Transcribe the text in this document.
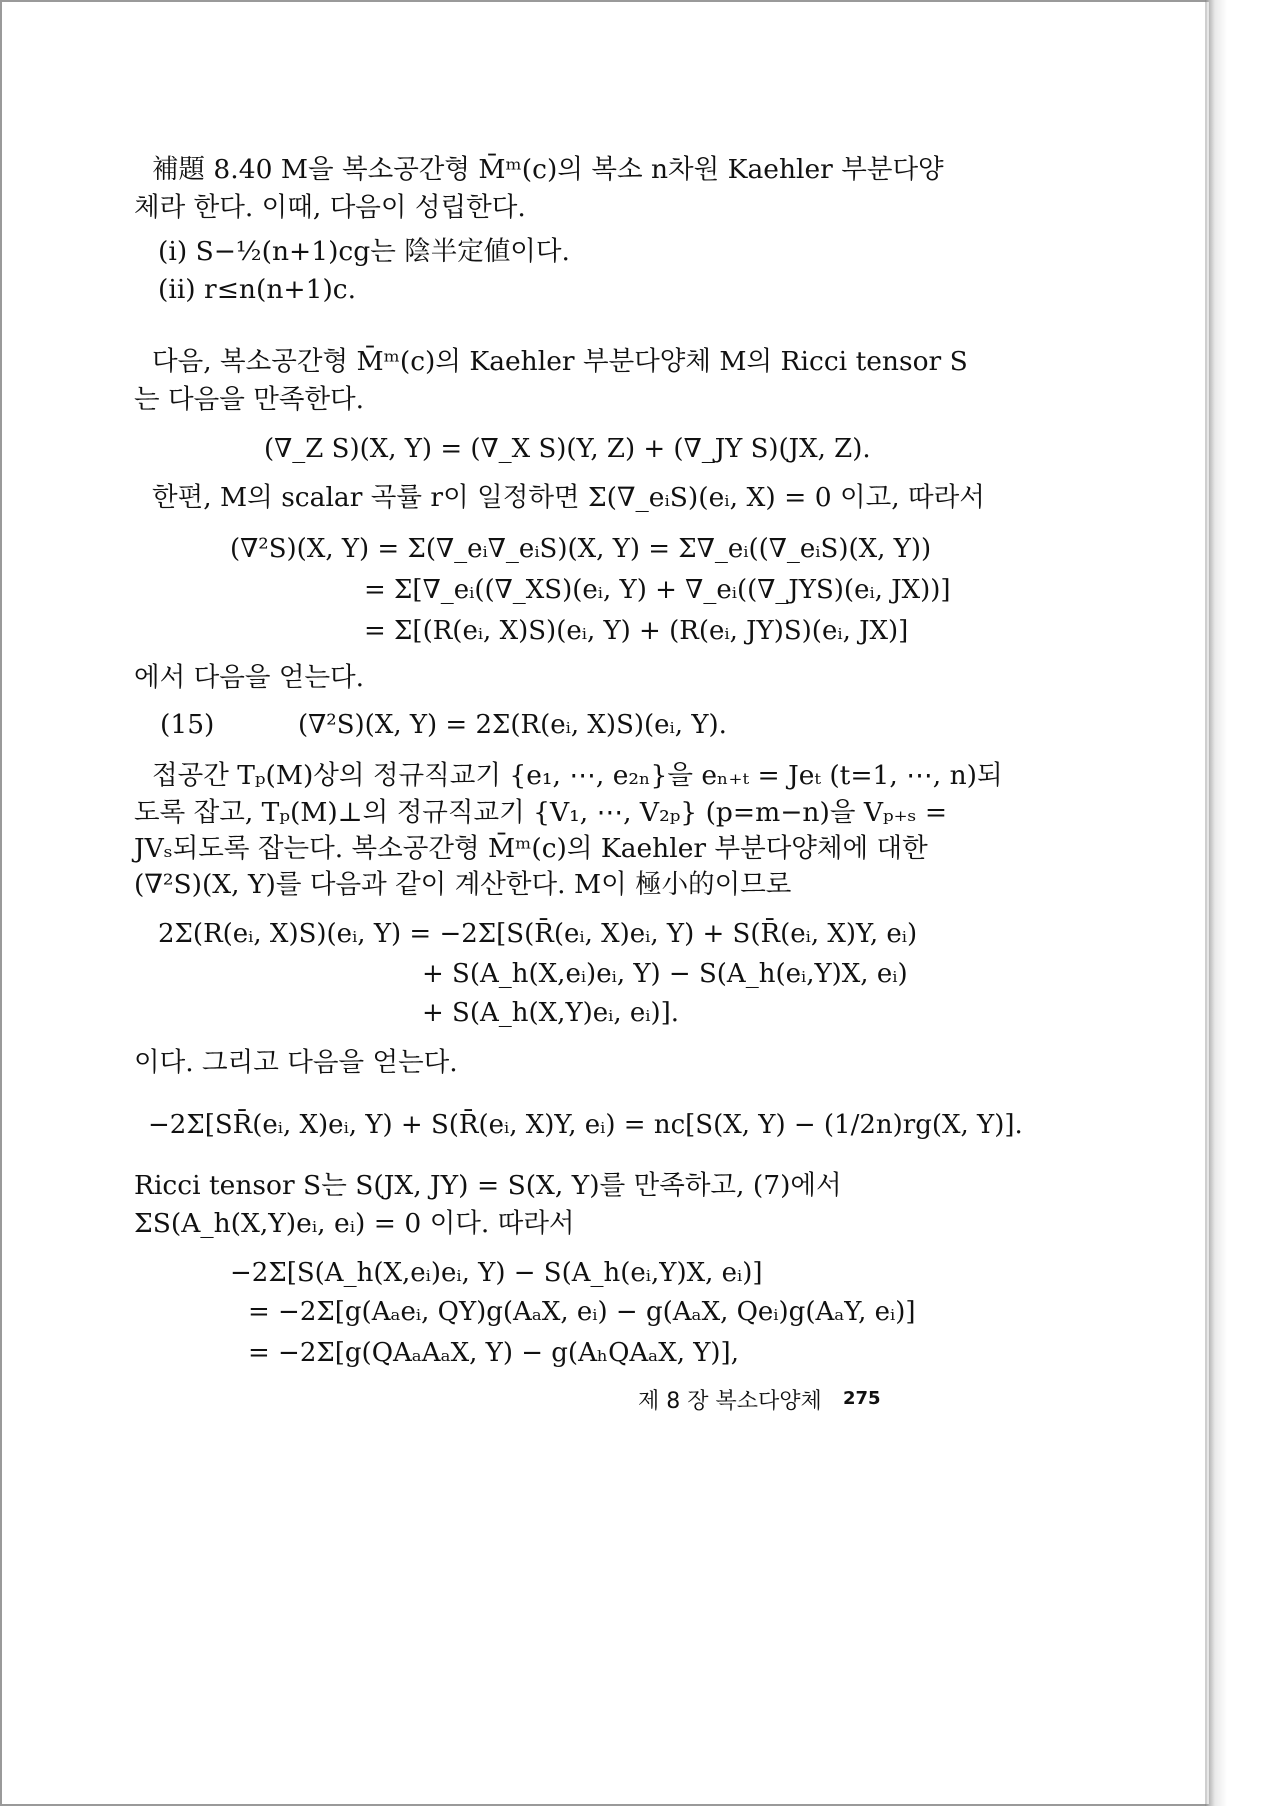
補題 8.40 M을 복소공간형 M̄ᵐ(c)의 복소 n차원 Kaehler 부분다양
체라 한다. 이때, 다음이 성립한다.
(i) S−½(n+1)cg는 陰半定値이다.
(ii) r≤n(n+1)c.
다음, 복소공간형 M̄ᵐ(c)의 Kaehler 부분다양체 M의 Ricci tensor S
는 다음을 만족한다.
(∇_Z S)(X, Y) = (∇_X S)(Y, Z) + (∇_JY S)(JX, Z).
한편, M의 scalar 곡률 r이 일정하면 Σ(∇_eᵢS)(eᵢ, X) = 0 이고, 따라서
(∇²S)(X, Y) = Σ(∇_eᵢ∇_eᵢS)(X, Y) = Σ∇_eᵢ((∇_eᵢS)(X, Y))
= Σ[∇_eᵢ((∇_XS)(eᵢ, Y) + ∇_eᵢ((∇_JYS)(eᵢ, JX))]
= Σ[(R(eᵢ, X)S)(eᵢ, Y) + (R(eᵢ, JY)S)(eᵢ, JX)]
에서 다음을 얻는다.
(15)	(∇²S)(X, Y) = 2Σ(R(eᵢ, X)S)(eᵢ, Y).
접공간 Tₚ(M)상의 정규직교기 {e₁, ⋯, e₂ₙ}을 eₙ₊ₜ = Jeₜ (t=1, ⋯, n)되
도록 잡고, Tₚ(M)⊥의 정규직교기 {V₁, ⋯, V₂ₚ} (p=m−n)을 Vₚ₊ₛ =
JVₛ되도록 잡는다. 복소공간형 M̄ᵐ(c)의 Kaehler 부분다양체에 대한
(∇²S)(X, Y)를 다음과 같이 계산한다. M이 極小的이므로
2Σ(R(eᵢ, X)S)(eᵢ, Y) = −2Σ[S(R̄(eᵢ, X)eᵢ, Y) + S(R̄(eᵢ, X)Y, eᵢ)
+ S(A_h(X,eᵢ)eᵢ, Y) − S(A_h(eᵢ,Y)X, eᵢ)
+ S(A_h(X,Y)eᵢ, eᵢ)].
이다. 그리고 다음을 얻는다.
−2Σ[SR̄(eᵢ, X)eᵢ, Y) + S(R̄(eᵢ, X)Y, eᵢ) = nc[S(X, Y) − (1/2n)rg(X, Y)].
Ricci tensor S는 S(JX, JY) = S(X, Y)를 만족하고, (7)에서
ΣS(A_h(X,Y)eᵢ, eᵢ) = 0 이다. 따라서
−2Σ[S(A_h(X,eᵢ)eᵢ, Y) − S(A_h(eᵢ,Y)X, eᵢ)]
= −2Σ[g(Aₐeᵢ, QY)g(AₐX, eᵢ) − g(AₐX, Qeᵢ)g(AₐY, eᵢ)]
= −2Σ[g(QAₐAₐX, Y) − g(AₕQAₐX, Y)],
제 8 장 복소다양체 275
